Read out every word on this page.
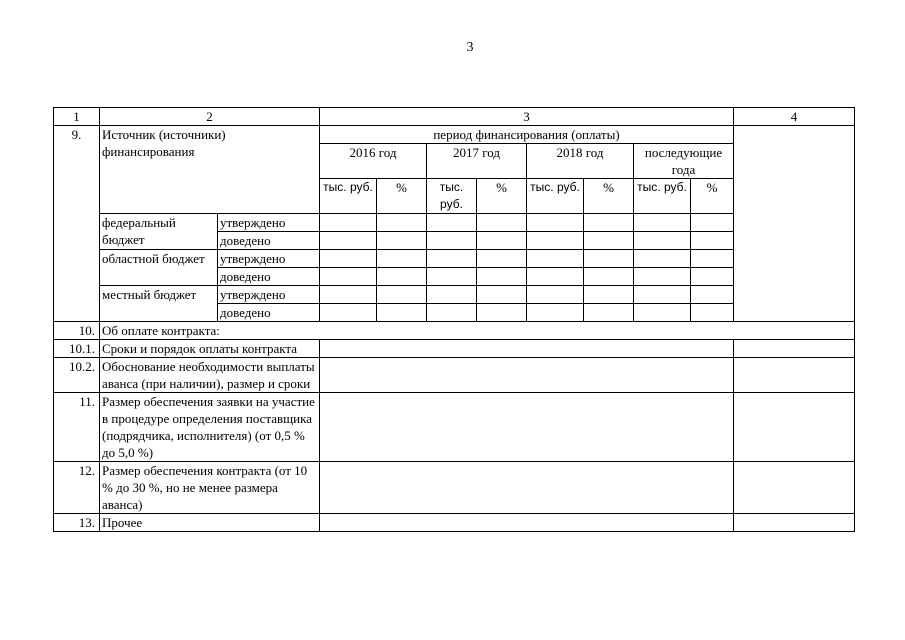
3
1	2		3								4
9.	Источник (источники) финансирования		период финансирования (оплаты)								
			2016 год		2017 год		2018 год		последующие года		
			тыс. руб.	%	тыс. руб.	%	тыс. руб.	%	тыс. руб.	%	
	федеральный бюджет	утверждено									
		доведено									
	областной бюджет	утверждено									
		доведено									
	местный бюджет	утверждено									
		доведено									
10.	Об оплате контракта:										
10.1.	Сроки и порядок оплаты контракта										
10.2.	Обоснование необходимости выплаты аванса (при наличии), размер и сроки										
11.	Размер обеспечения заявки на участие в процедуре определения поставщика (подрядчика, исполнителя) (от 0,5 % до 5,0 %)										
12.	Размер обеспечения контракта (от 10 % до 30 %, но не менее размера аванса)										
13.	Прочее										
